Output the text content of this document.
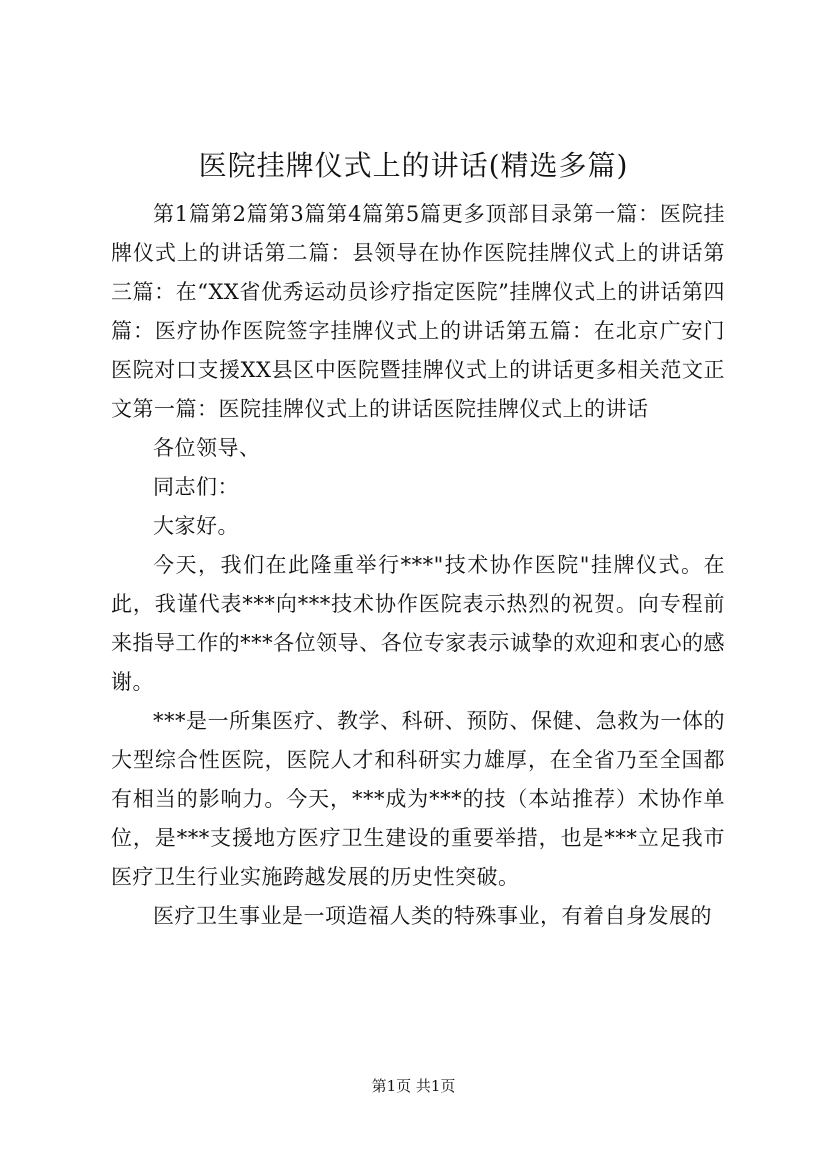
医院挂牌仪式上的讲话(精选多篇)

第1篇第2篇第3篇第4篇第5篇更多顶部目录第一篇：医院挂牌仪式上的讲话第二篇：县领导在协作医院挂牌仪式上的讲话第三篇：在“XX省优秀运动员诊疗指定医院”挂牌仪式上的讲话第四篇：医疗协作医院签字挂牌仪式上的讲话第五篇：在北京广安门医院对口支援XX县区中医院暨挂牌仪式上的讲话更多相关范文正文第一篇：医院挂牌仪式上的讲话医院挂牌仪式上的讲话

各位领导、

同志们：

大家好。

今天，我们在此隆重举行***"技术协作医院"挂牌仪式。在此，我谨代表***向***技术协作医院表示热烈的祝贺。向专程前来指导工作的***各位领导、各位专家表示诚挚的欢迎和衷心的感谢。

***是一所集医疗、教学、科研、预防、保健、急救为一体的大型综合性医院，医院人才和科研实力雄厚，在全省乃至全国都有相当的影响力。今天，***成为***的技（本站推荐）术协作单位，是***支援地方医疗卫生建设的重要举措，也是***立足我市医疗卫生行业实施跨越发展的历史性突破。

医疗卫生事业是一项造福人类的特殊事业，有着自身发展的

第1页 共1页
